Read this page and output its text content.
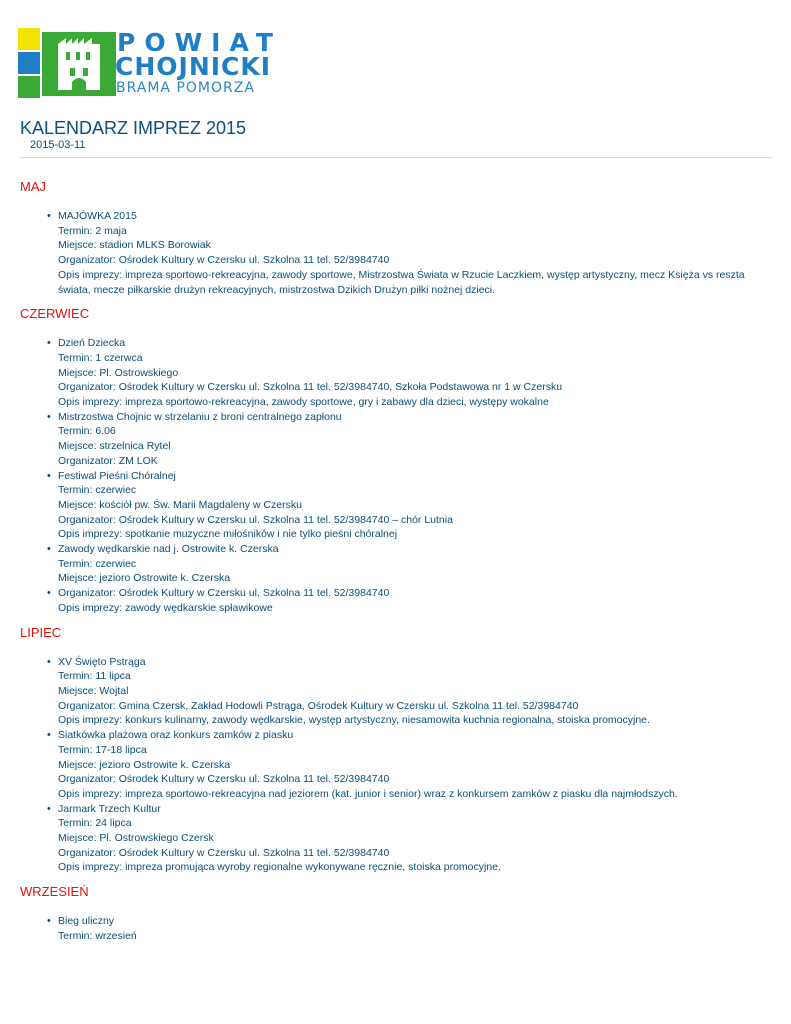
POWIAT
CHOJNICKI
BRAMA POMORZA
KALENDARZ IMPREZ 2015
2015-03-11
MAJ
• MAJÓWKA 2015
Termin: 2 maja
Miejsce: stadion MLKS Borowiak
Organizator: Ośrodek Kultury w Czersku ul. Szkolna 11 tel. 52/3984740
Opis imprezy: impreza sportowo-rekreacyjna, zawody sportowe, Mistrzostwa Świata w Rzucie Laczkiem, występ artystyczny, mecz Księża vs reszta
świata, mecze piłkarskie drużyn rekreacyjnych, mistrzostwa Dzikich Drużyn piłki nożnej dzieci.
CZERWIEC
• Dzień Dziecka
Termin: 1 czerwca
Miejsce: Pl. Ostrowskiego
Organizator: Ośrodek Kultury w Czersku ul. Szkolna 11 tel. 52/3984740, Szkoła Podstawowa nr 1 w Czersku
Opis imprezy: impreza sportowo-rekreacyjna, zawody sportowe, gry i zabawy dla dzieci, występy wokalne
• Mistrzostwa Chojnic w strzelaniu z broni centralnego zapłonu
Termin: 6.06
Miejsce: strzelnica Rytel
Organizator: ZM LOK
• Festiwal Pieśni Chóralnej
Termin: czerwiec
Miejsce: kościół pw. Św. Marii Magdaleny w Czersku
Organizator: Ośrodek Kultury w Czersku ul. Szkolna 11 tel. 52/3984740 – chór Lutnia
Opis imprezy: spotkanie muzyczne miłośników i nie tylko pieśni chóralnej
• Zawody wędkarskie nad j. Ostrowite k. Czerska
Termin: czerwiec
Miejsce: jezioro Ostrowite k. Czerska
• Organizator: Ośrodek Kultury w Czersku ul. Szkolna 11 tel. 52/3984740
Opis imprezy: zawody wędkarskie spławikowe
LIPIEC
• XV Święto Pstrąga
Termin: 11 lipca
Miejsce: Wojtal
Organizator: Gmina Czersk, Zakład Hodowli Pstrąga, Ośrodek Kultury w Czersku ul. Szkolna 11 tel. 52/3984740
Opis imprezy: konkurs kulinarny, zawody wędkarskie, występ artystyczny, niesamowita kuchnia regionalna, stoiska promocyjne.
• Siatkówka plażowa oraz konkurs zamków z piasku
Termin: 17-18 lipca
Miejsce: jezioro Ostrowite k. Czerska
Organizator: Ośrodek Kultury w Czersku ul. Szkolna 11 tel. 52/3984740
Opis imprezy: impreza sportowo-rekreacyjna nad jeziorem (kat. junior i senior) wraz z konkursem zamków z piasku dla najmłodszych.
• Jarmark Trzech Kultur
Termin: 24 lipca
Miejsce: Pl. Ostrowskiego Czersk
Organizator: Ośrodek Kultury w Czersku ul. Szkolna 11 tel. 52/3984740
Opis imprezy: impreza promująca wyroby regionalne wykonywane ręcznie, stoiska promocyjne.
WRZESIEŃ
• Bieg uliczny
Termin: wrzesień
